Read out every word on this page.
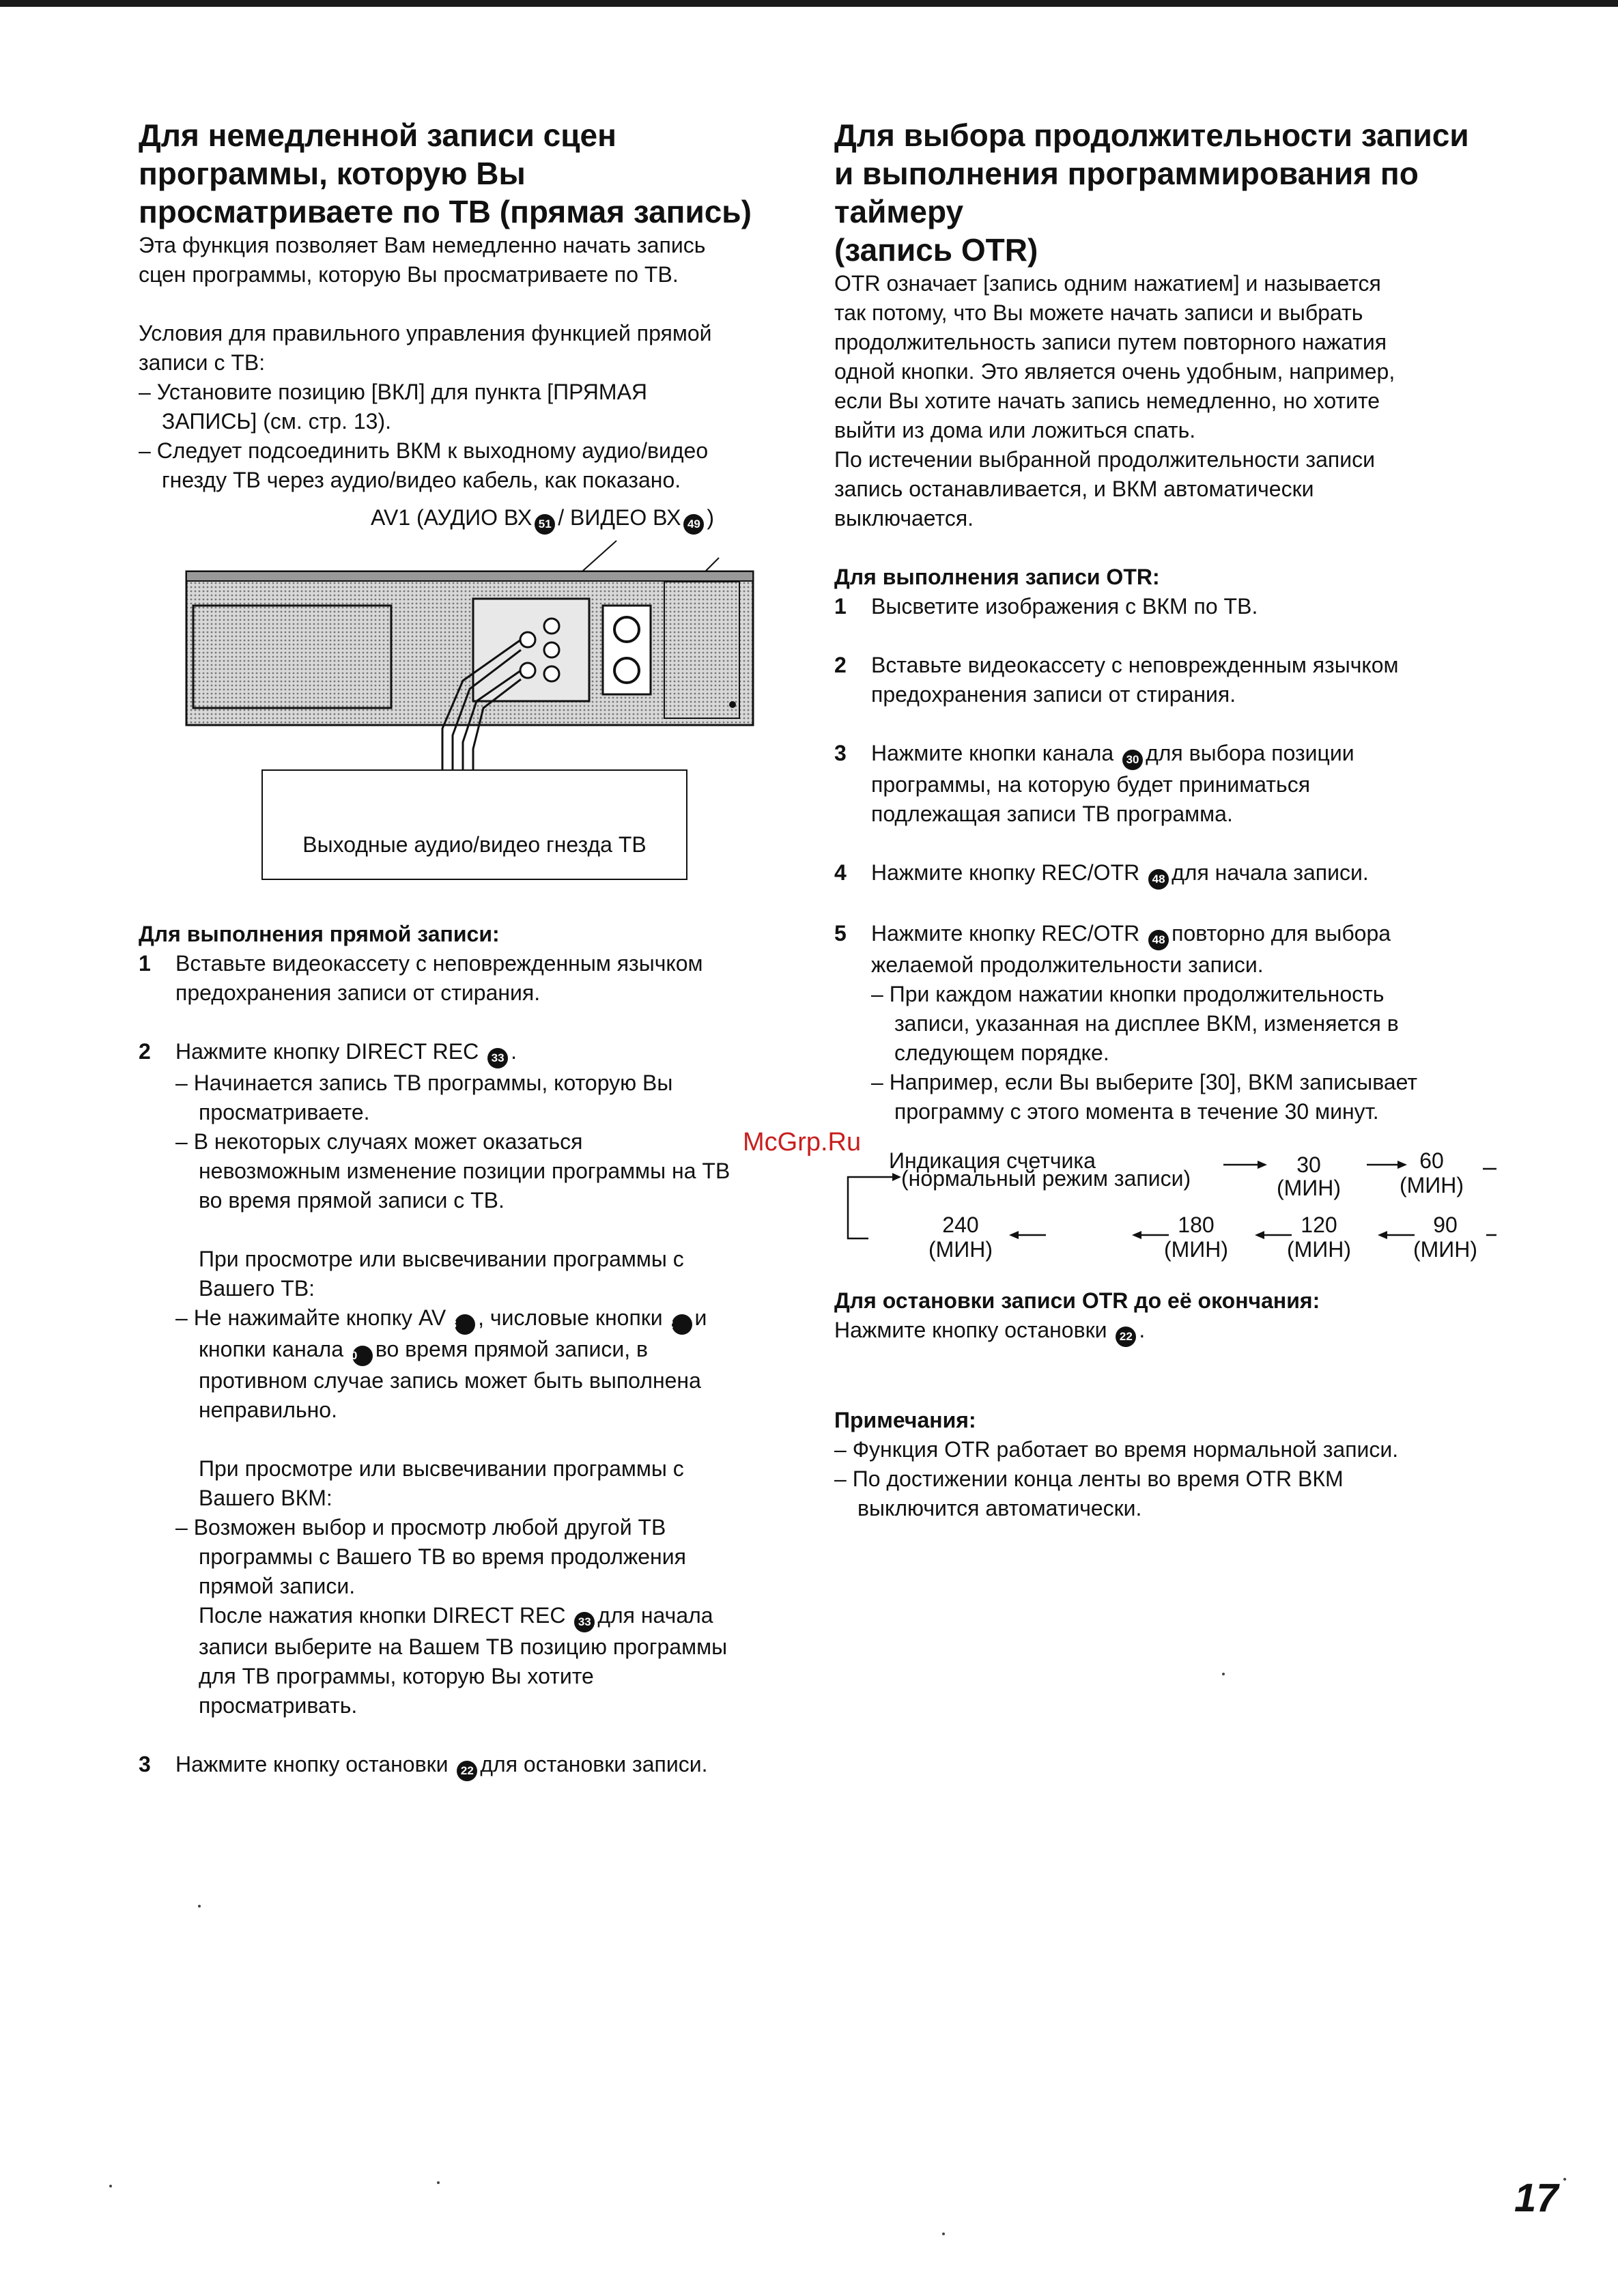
Для немедленной записи сцен
программы, которую Вы
просматриваете по ТВ (прямая запись)

Эта функция позволяет Вам немедленно начать запись
сцен программы, которую Вы просматриваете по ТВ.

Условия для правильного управления функцией прямой
записи с ТВ:

– Установите позицию [ВКЛ] для пункта [ПРЯМАЯ
ЗАПИСЬ] (см. стр. 13).

– Следует подсоединить ВКМ к выходному аудио/видео
гнезду ТВ через аудио/видео кабель, как показано.

AV1 (АУДИО ВХ 51 / ВИДЕО ВХ 49 )
Выходные аудио/видео гнезда ТВ

Для выполнения прямой записи:

1	Вставьте видеокассету с неповрежденным язычком
предохранения записи от стирания.
2	Нажмите кнопку DIRECT REC 33 .

– Начинается запись ТВ программы, которую Вы
просматриваете.

– В некоторых случаях может оказаться
невозможным изменение позиции программы на ТВ
во время прямой записи с ТВ.

При просмотре или высвечивании программы с
Вашего ТВ:

– Не нажимайте кнопку AV 3 , числовые кнопки 2 и
кнопки канала 30 во время прямой записи, в
противном случае запись может быть выполнена
неправильно.

При просмотре или высвечивании программы с
Вашего ВКМ:

– Возможен выбор и просмотр любой другой ТВ
программы с Вашего ТВ во время продолжения
прямой записи.

После нажатия кнопки DIRECT REC 33 для начала
записи выберите на Вашем ТВ позицию программы
для ТВ программы, которую Вы хотите
просматривать.

3	Нажмите кнопку остановки 22 для остановки записи.
Для выбора продолжительности записи
и выполнения программирования по
таймеру
(запись OTR)

OTR означает [запись одним нажатием] и называется
так потому, что Вы можете начать записи и выбрать
продолжительность записи путем повторного нажатия
одной кнопки. Это является очень удобным, например,
если Вы хотите начать запись немедленно, но хотите
выйти из дома или ложиться спать.
По истечении выбранной продолжительности записи
запись останавливается, и ВКМ автоматически
выключается.

Для выполнения записи OTR:

1	Высветите изображения с ВКМ по ТВ.
2	Вставьте видеокассету с неповрежденным язычком
предохранения записи от стирания.
3	Нажмите кнопки канала 30 для выбора позиции
программы, на которую будет приниматься
подлежащая записи ТВ программа.
4	Нажмите кнопку REC/OTR 48 для начала записи.
5	Нажмите кнопку REC/OTR 48 повторно для выбора
желаемой продолжительности записи.

– При каждом нажатии кнопки продолжительность
записи, указанная на дисплее ВКМ, изменяется в
следующем порядке.

– Например, если Вы выберите [30], ВКМ записывает
программу с этого момента в течение 30 минут.

Индикация счетчика
(нормальный режим записи)
30
(МИН)
60
(МИН)
90
(МИН)
120
(МИН)
180
(МИН)
240
(МИН)

Для остановки записи OTR до её окончания:

Нажмите кнопку остановки 22 .

Примечания:

– Функция OTR работает во время нормальной записи.

– По достижении конца ленты во время OTR ВКМ
выключится автоматически.

McGrp.Ru
17
